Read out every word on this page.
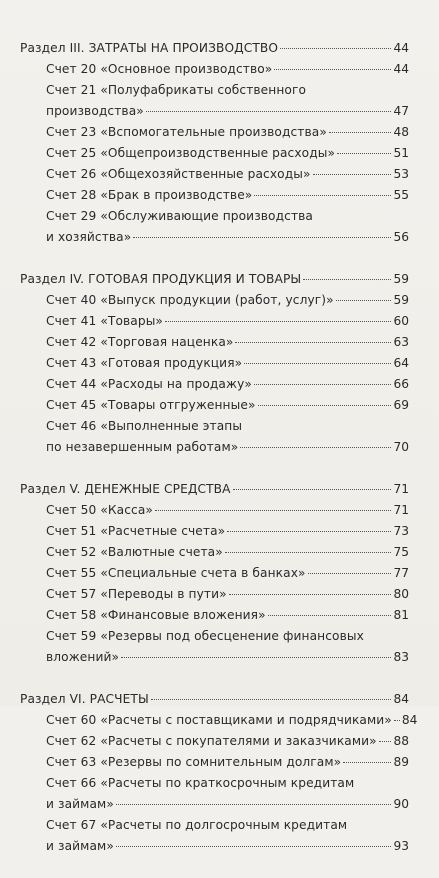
Раздел III. ЗАТРАТЫ НА ПРОИЗВОДСТВО	44
Счет 20 «Основное производство»	44
Счет 21 «Полуфабрикаты собственного
производства»	47
Счет 23 «Вспомогательные производства»	48
Счет 25 «Общепроизводственные расходы»	51
Счет 26 «Общехозяйственные расходы»	53
Счет 28 «Брак в производстве»	55
Счет 29 «Обслуживающие производства
и хозяйства»	56
Раздел IV. ГОТОВАЯ ПРОДУКЦИЯ И ТОВАРЫ	59
Счет 40 «Выпуск продукции (работ, услуг)»	59
Счет 41 «Товары»	60
Счет 42 «Торговая наценка»	63
Счет 43 «Готовая продукция»	64
Счет 44 «Расходы на продажу»	66
Счет 45 «Товары отгруженные»	69
Счет 46 «Выполненные этапы
по незавершенным работам»	70
Раздел V. ДЕНЕЖНЫЕ СРЕДСТВА	71
Счет 50 «Касса»	71
Счет 51 «Расчетные счета»	73
Счет 52 «Валютные счета»	75
Счет 55 «Специальные счета в банках»	77
Счет 57 «Переводы в пути»	80
Счет 58 «Финансовые вложения»	81
Счет 59 «Резервы под обесценение финансовых
вложений»	83
Раздел VI. РАСЧЕТЫ	84
Счет 60 «Расчеты с поставщиками и подрядчиками» 84
Счет 62 «Расчеты с покупателями и заказчиками» 88
Счет 63 «Резервы по сомнительным долгам»	89
Счет 66 «Расчеты по краткосрочным кредитам
и займам»	90
Счет 67 «Расчеты по долгосрочным кредитам
и займам»	93
